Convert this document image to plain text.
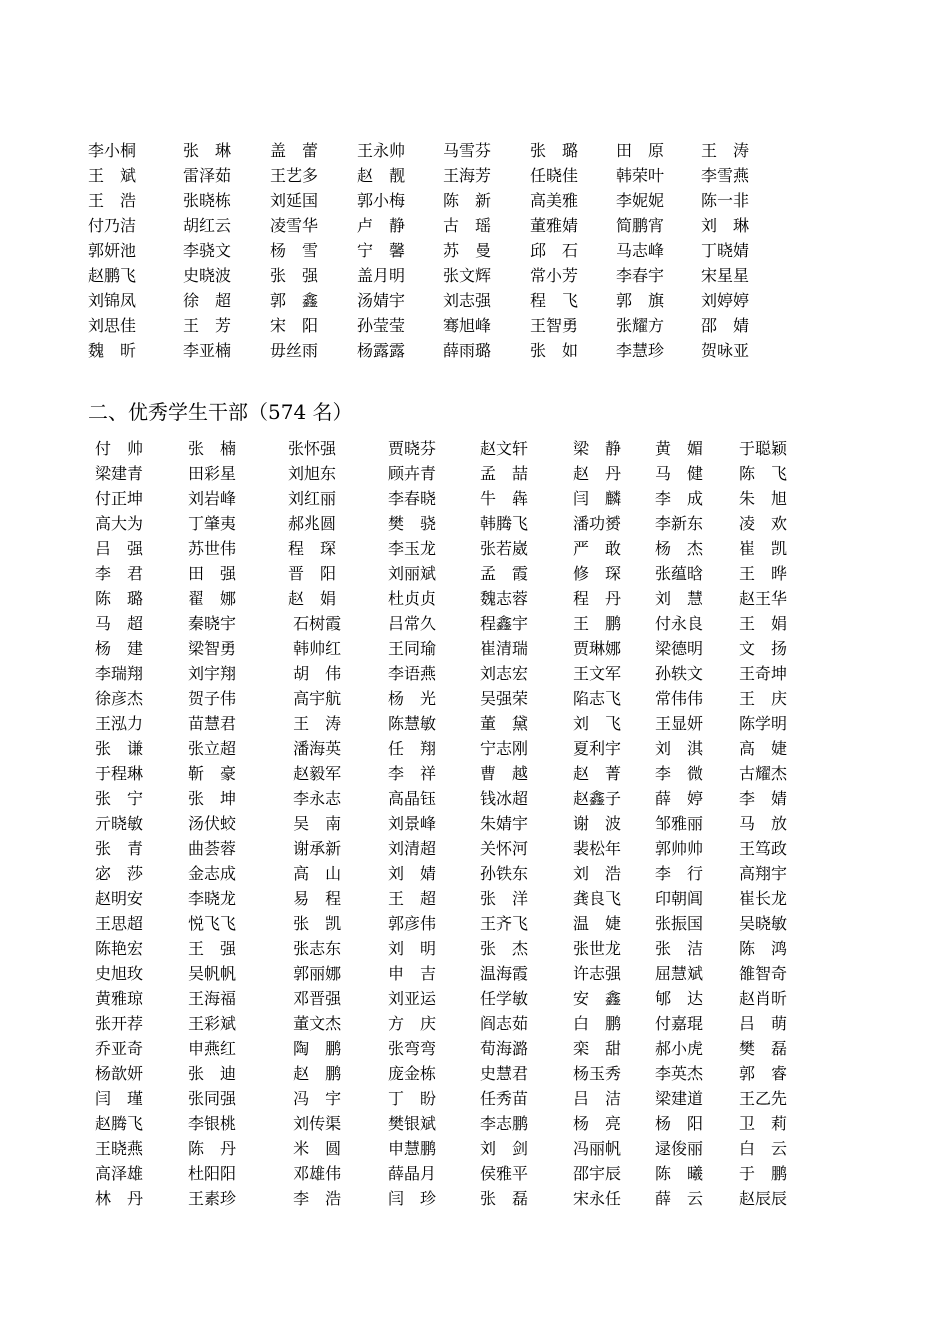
李小桐	张　琳	盖　蕾	王永帅	马雪芬	张　璐	田　原	王　涛
王　斌	雷泽茹	王艺多	赵　靓	王海芳	任晓佳	韩荣叶	李雪燕
王　浩	张晓栋	刘延国	郭小梅	陈　新	高美雅	李妮妮	陈一非
付乃洁	胡红云	凌雪华	卢　静	古　瑶	董雅婧	简鹏宵	刘　琳
郭妍池	李骁文	杨　雪	宁　馨	苏　曼	邱　石	马志峰	丁晓婧
赵鹏飞	史晓波	张　强	盖月明	张文辉	常小芳	李春宇	宋星星
刘锦凤	徐　超	郭　鑫	汤婧宇	刘志强	程　飞	郭　旗	刘婷婷
刘思佳	王　芳	宋　阳	孙莹莹	骞旭峰	王智勇	张耀方	邵　婧
魏　昕	李亚楠	毋丝雨	杨露露	薛雨璐	张　如	李慧珍	贺咏亚
二、优秀学生干部（574 名）
付　帅	张　楠	张怀强	贾晓芬	赵文轩	梁　静	黄　媚	于聪颖
梁建青	田彩星	刘旭东	顾卉青	孟　喆	赵　丹	马　健	陈　飞
付正坤	刘岩峰	刘红丽	李春晓	牛　犇	闫　麟	李　成	朱　旭
高大为	丁肇夷	郝兆圆	樊　骁	韩腾飞	潘功赟	李新东	凌　欢
吕　强	苏世伟	程　琛	李玉龙	张若崴	严　敢	杨　杰	崔　凯
李　君	田　强	晋　阳	刘丽斌	孟　霞	修　琛	张蕴晗	王　晔
陈　璐	翟　娜	赵　娟	杜贞贞	魏志蓉	程　丹	刘　慧	赵王华
马　超	秦晓宇	石树霞	吕常久	程鑫宇	王　鹏	付永良	王　娟
杨　建	梁智勇	韩帅红	王同瑜	崔清瑞	贾琳娜	梁德明	文　扬
李瑞翔	刘宇翔	胡　伟	李语燕	刘志宏	王文军	孙轶文	王奇坤
徐彦杰	贺子伟	高宇航	杨　光	吴强荣	陷志飞	常伟伟	王　庆
王泓力	苗慧君	王　涛	陈慧敏	董　黛	刘　飞	王显妍	陈学明
张　谦	张立超	潘海英	任　翔	宁志刚	夏利宇	刘　淇	高　婕
于程琳	靳　豪	赵毅军	李　祥	曹　越	赵　菁	李　微	古耀杰
张　宁	张　坤	李永志	高晶钰	钱冰超	赵鑫子	薛　婷	李　婧
亓晓敏	汤伏蛟	吴　南	刘景峰	朱婧宇	谢　波	邹雅丽	马　放
张　青	曲荟蓉	谢承新	刘清超	关怀河	裴松年	郭帅帅	王笃政
宓　莎	金志成	高　山	刘　婧	孙铁东	刘　浩	李　行	高翔宇
赵明安	李晓龙	易　程	王　超	张　洋	龚良飞	印朝阊	崔长龙
王思超	悦飞飞	张　凯	郭彦伟	王齐飞	温　婕	张振国	吴晓敏
陈艳宏	王　强	张志东	刘　明	张　杰	张世龙	张　洁	陈　鸿
史旭玫	吴帆帆	郭丽娜	申　吉	温海霞	许志强	屈慧斌	雒智奇
黄雅琼	王海福	邓晋强	刘亚运	任学敏	安　鑫	郇　达	赵肖昕
张开荐	王彩斌	董文杰	方　庆	阎志茹	白　鹏	付嘉琨	吕　萌
乔亚奇	申燕红	陶　鹏	张弯弯	荀海潞	栾　甜	郝小虎	樊　磊
杨歆妍	张　迪	赵　鹏	庞金栋	史慧君	杨玉秀	李英杰	郭　睿
闫　瑾	张同强	冯　宇	丁　盼	任秀苗	吕　洁	梁建道	王乙先
赵腾飞	李银桃	刘传渠	樊银斌	李志鹏	杨　亮	杨　阳	卫　莉
王晓燕	陈　丹	米　圆	申慧鹏	刘　剑	冯丽帆	逯俊丽	白　云
高泽雄	杜阳阳	邓雄伟	薛晶月	侯雅平	邵宇辰	陈　曦	于　鹏
林　丹	王素珍	李　浩	闫　珍	张　磊	宋永任	薛　云	赵辰辰
